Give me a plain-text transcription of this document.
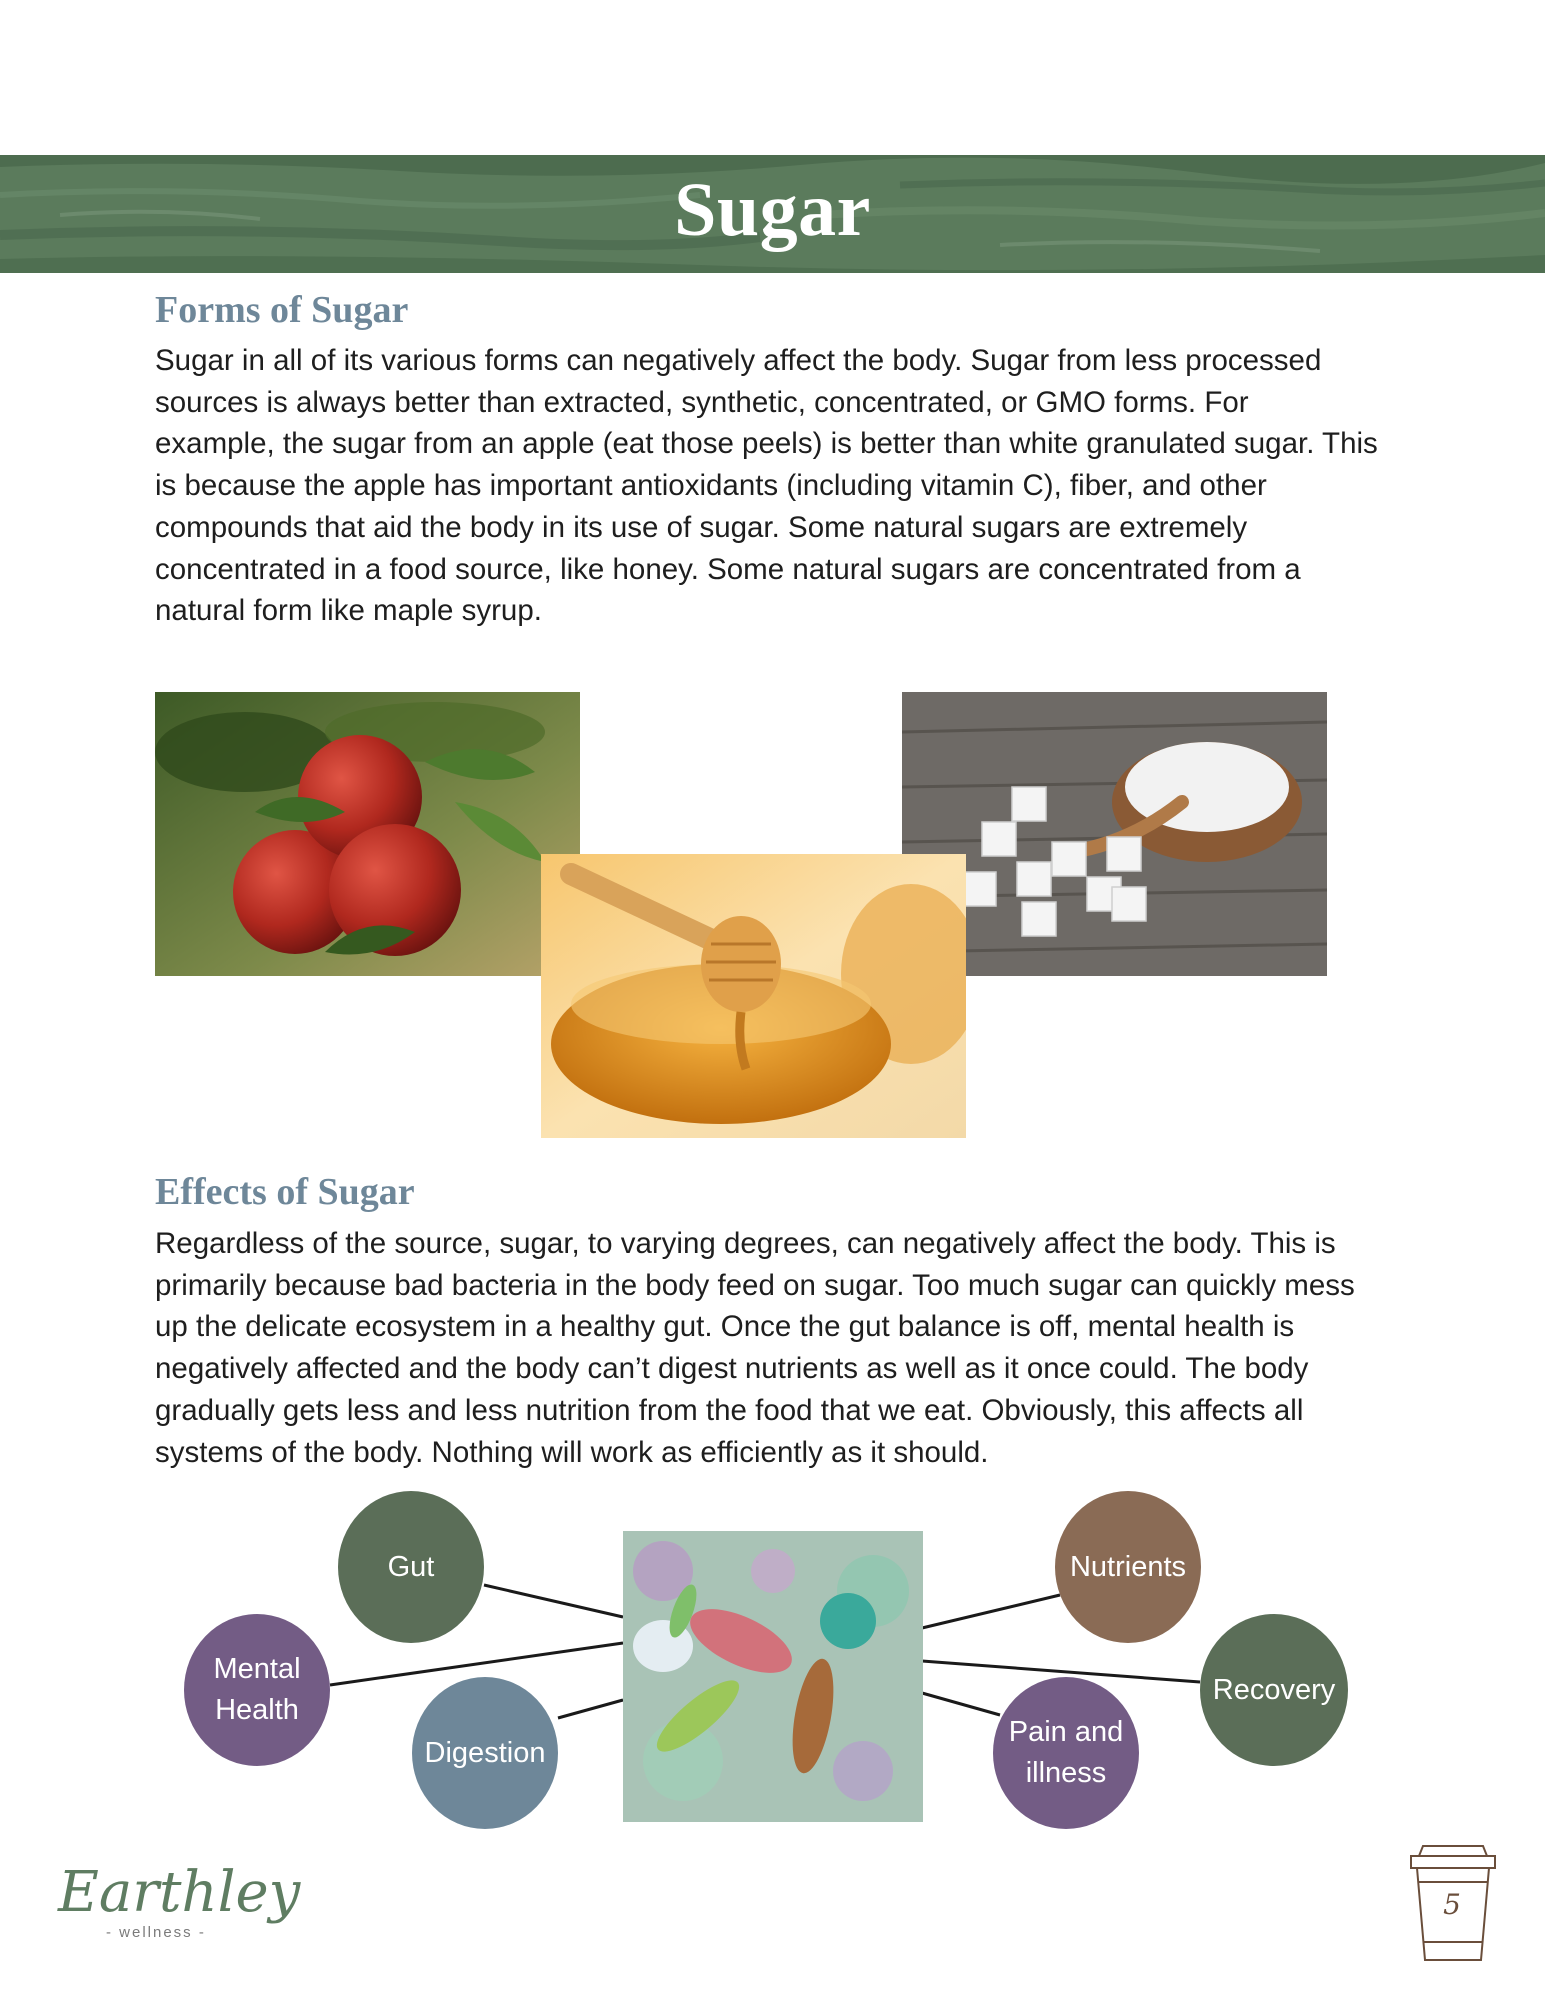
Sugar
Forms of Sugar
Sugar in all of its various forms can negatively affect the body. Sugar from less processed
sources is always better than extracted, synthetic, concentrated, or GMO forms. For
example, the sugar from an apple (eat those peels) is better than white granulated sugar. This
is because the apple has important antioxidants (including vitamin C), fiber, and other
compounds that aid the body in its use of sugar. Some natural sugars are extremely
concentrated in a food source, like honey. Some natural sugars are concentrated from a
natural form like maple syrup.
Effects of Sugar
Regardless of the source, sugar, to varying degrees, can negatively affect the body. This is
primarily because bad bacteria in the body feed on sugar. Too much sugar can quickly mess
up the delicate ecosystem in a healthy gut. Once the gut balance is off, mental health is
negatively affected and the body can’t digest nutrients as well as it once could. The body
gradually gets less and less nutrition from the food that we eat. Obviously, this affects all
systems of the body. Nothing will work as efficiently as it should.
Gut
Mental
Health
Digestion
Nutrients
Recovery
Pain and
illness
Earthley
- wellness -
5
